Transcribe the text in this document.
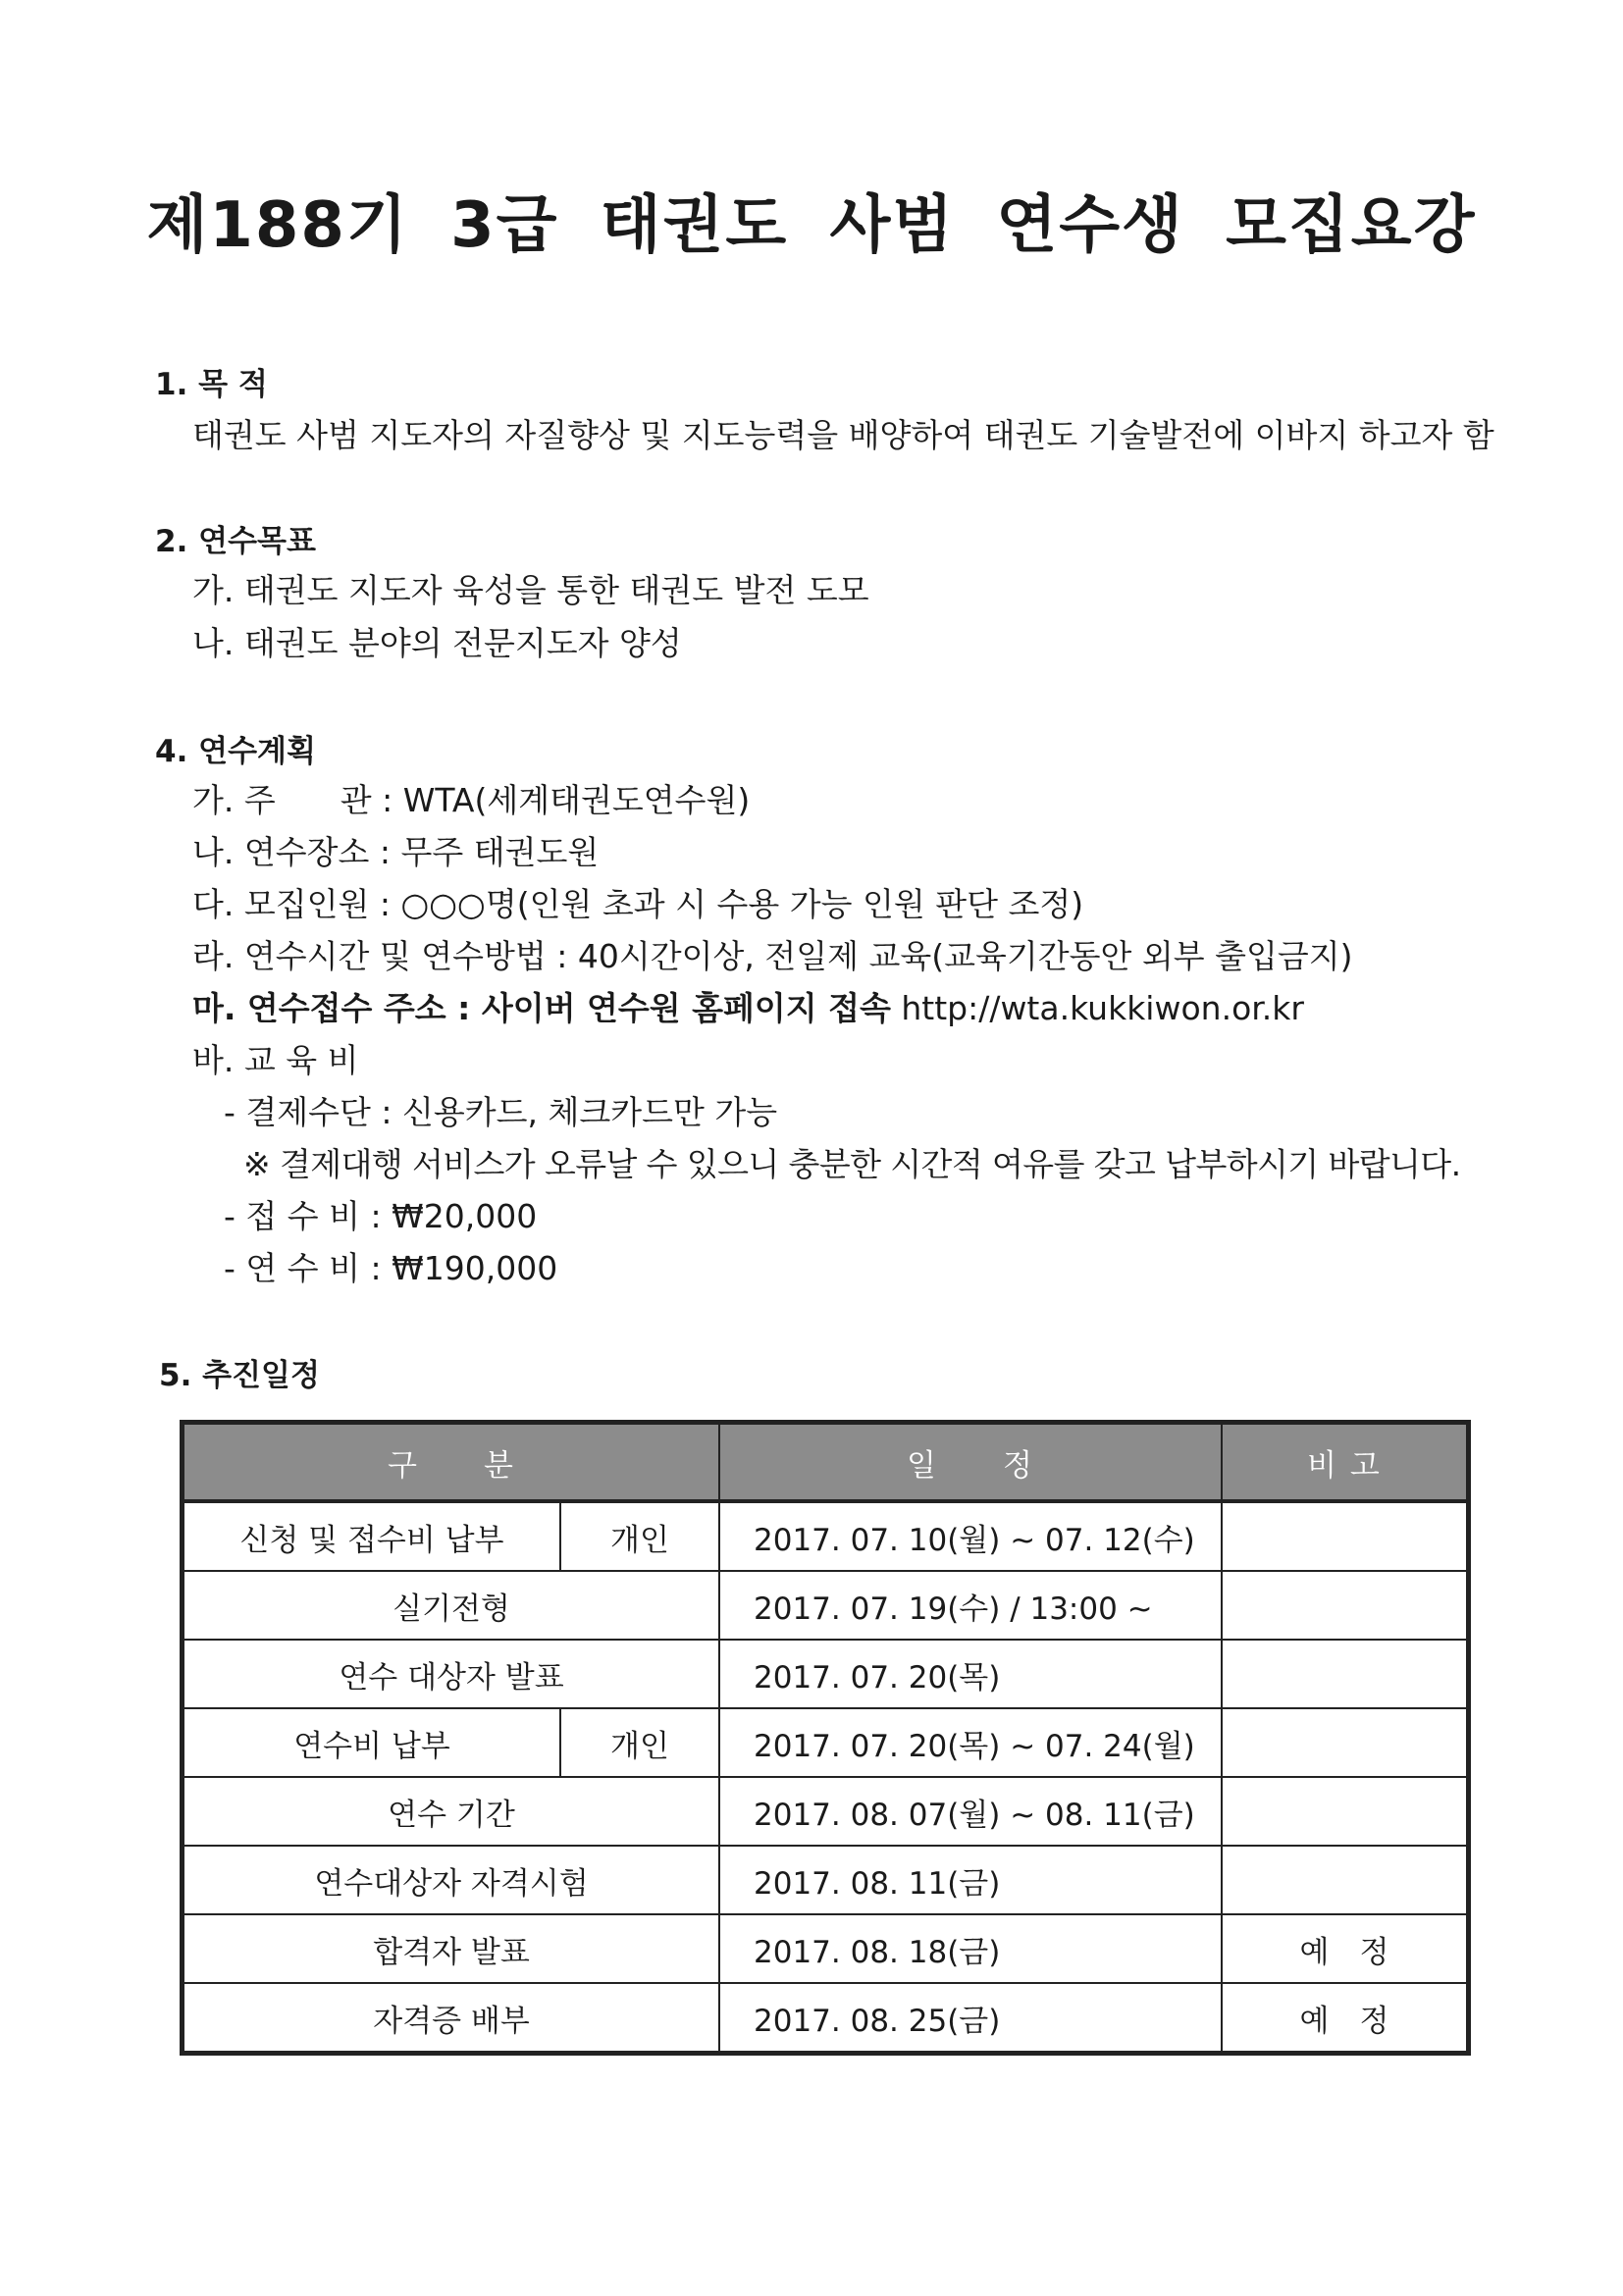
제188기 3급 태권도 사범 연수생 모집요강
1. 목 적

태권도 사범 지도자의 자질향상 및 지도능력을 배양하여 태권도 기술발전에 이바지 하고자 함

2. 연수목표

가. 태권도 지도자 육성을 통한 태권도 발전 도모

나. 태권도 분야의 전문지도자 양성

4. 연수계획

가. 주　　관 : WTA(세계태권도연수원)

나. 연수장소 : 무주 태권도원

다. 모집인원 : ○○○명(인원 초과 시 수용 가능 인원 판단 조정)

라. 연수시간 및 연수방법 : 40시간이상, 전일제 교육(교육기간동안 외부 출입금지)

마. 연수접수 주소 : 사이버 연수원 홈페이지 접속 http://wta.kukkiwon.or.kr

바. 교 육 비

- 결제수단 : 신용카드, 체크카드만 가능

※ 결제대행 서비스가 오류날 수 있으니 충분한 시간적 여유를 갖고 납부하시기 바랍니다.

- 접 수 비 : ₩20,000

- 연 수 비 : ₩190,000

5. 추진일정
구　　분		일　　정	비 고
신청 및 접수비 납부	개인	2017. 07. 10(월) ~ 07. 12(수)	
실기전형		2017. 07. 19(수) / 13:00 ~	
연수 대상자 발표		2017. 07. 20(목)	
연수비 납부	개인	2017. 07. 20(목) ~ 07. 24(월)	
연수 기간		2017. 08. 07(월) ~ 08. 11(금)	
연수대상자 자격시험		2017. 08. 11(금)	
합격자 발표		2017. 08. 18(금)	예　정
자격증 배부		2017. 08. 25(금)	예　정
